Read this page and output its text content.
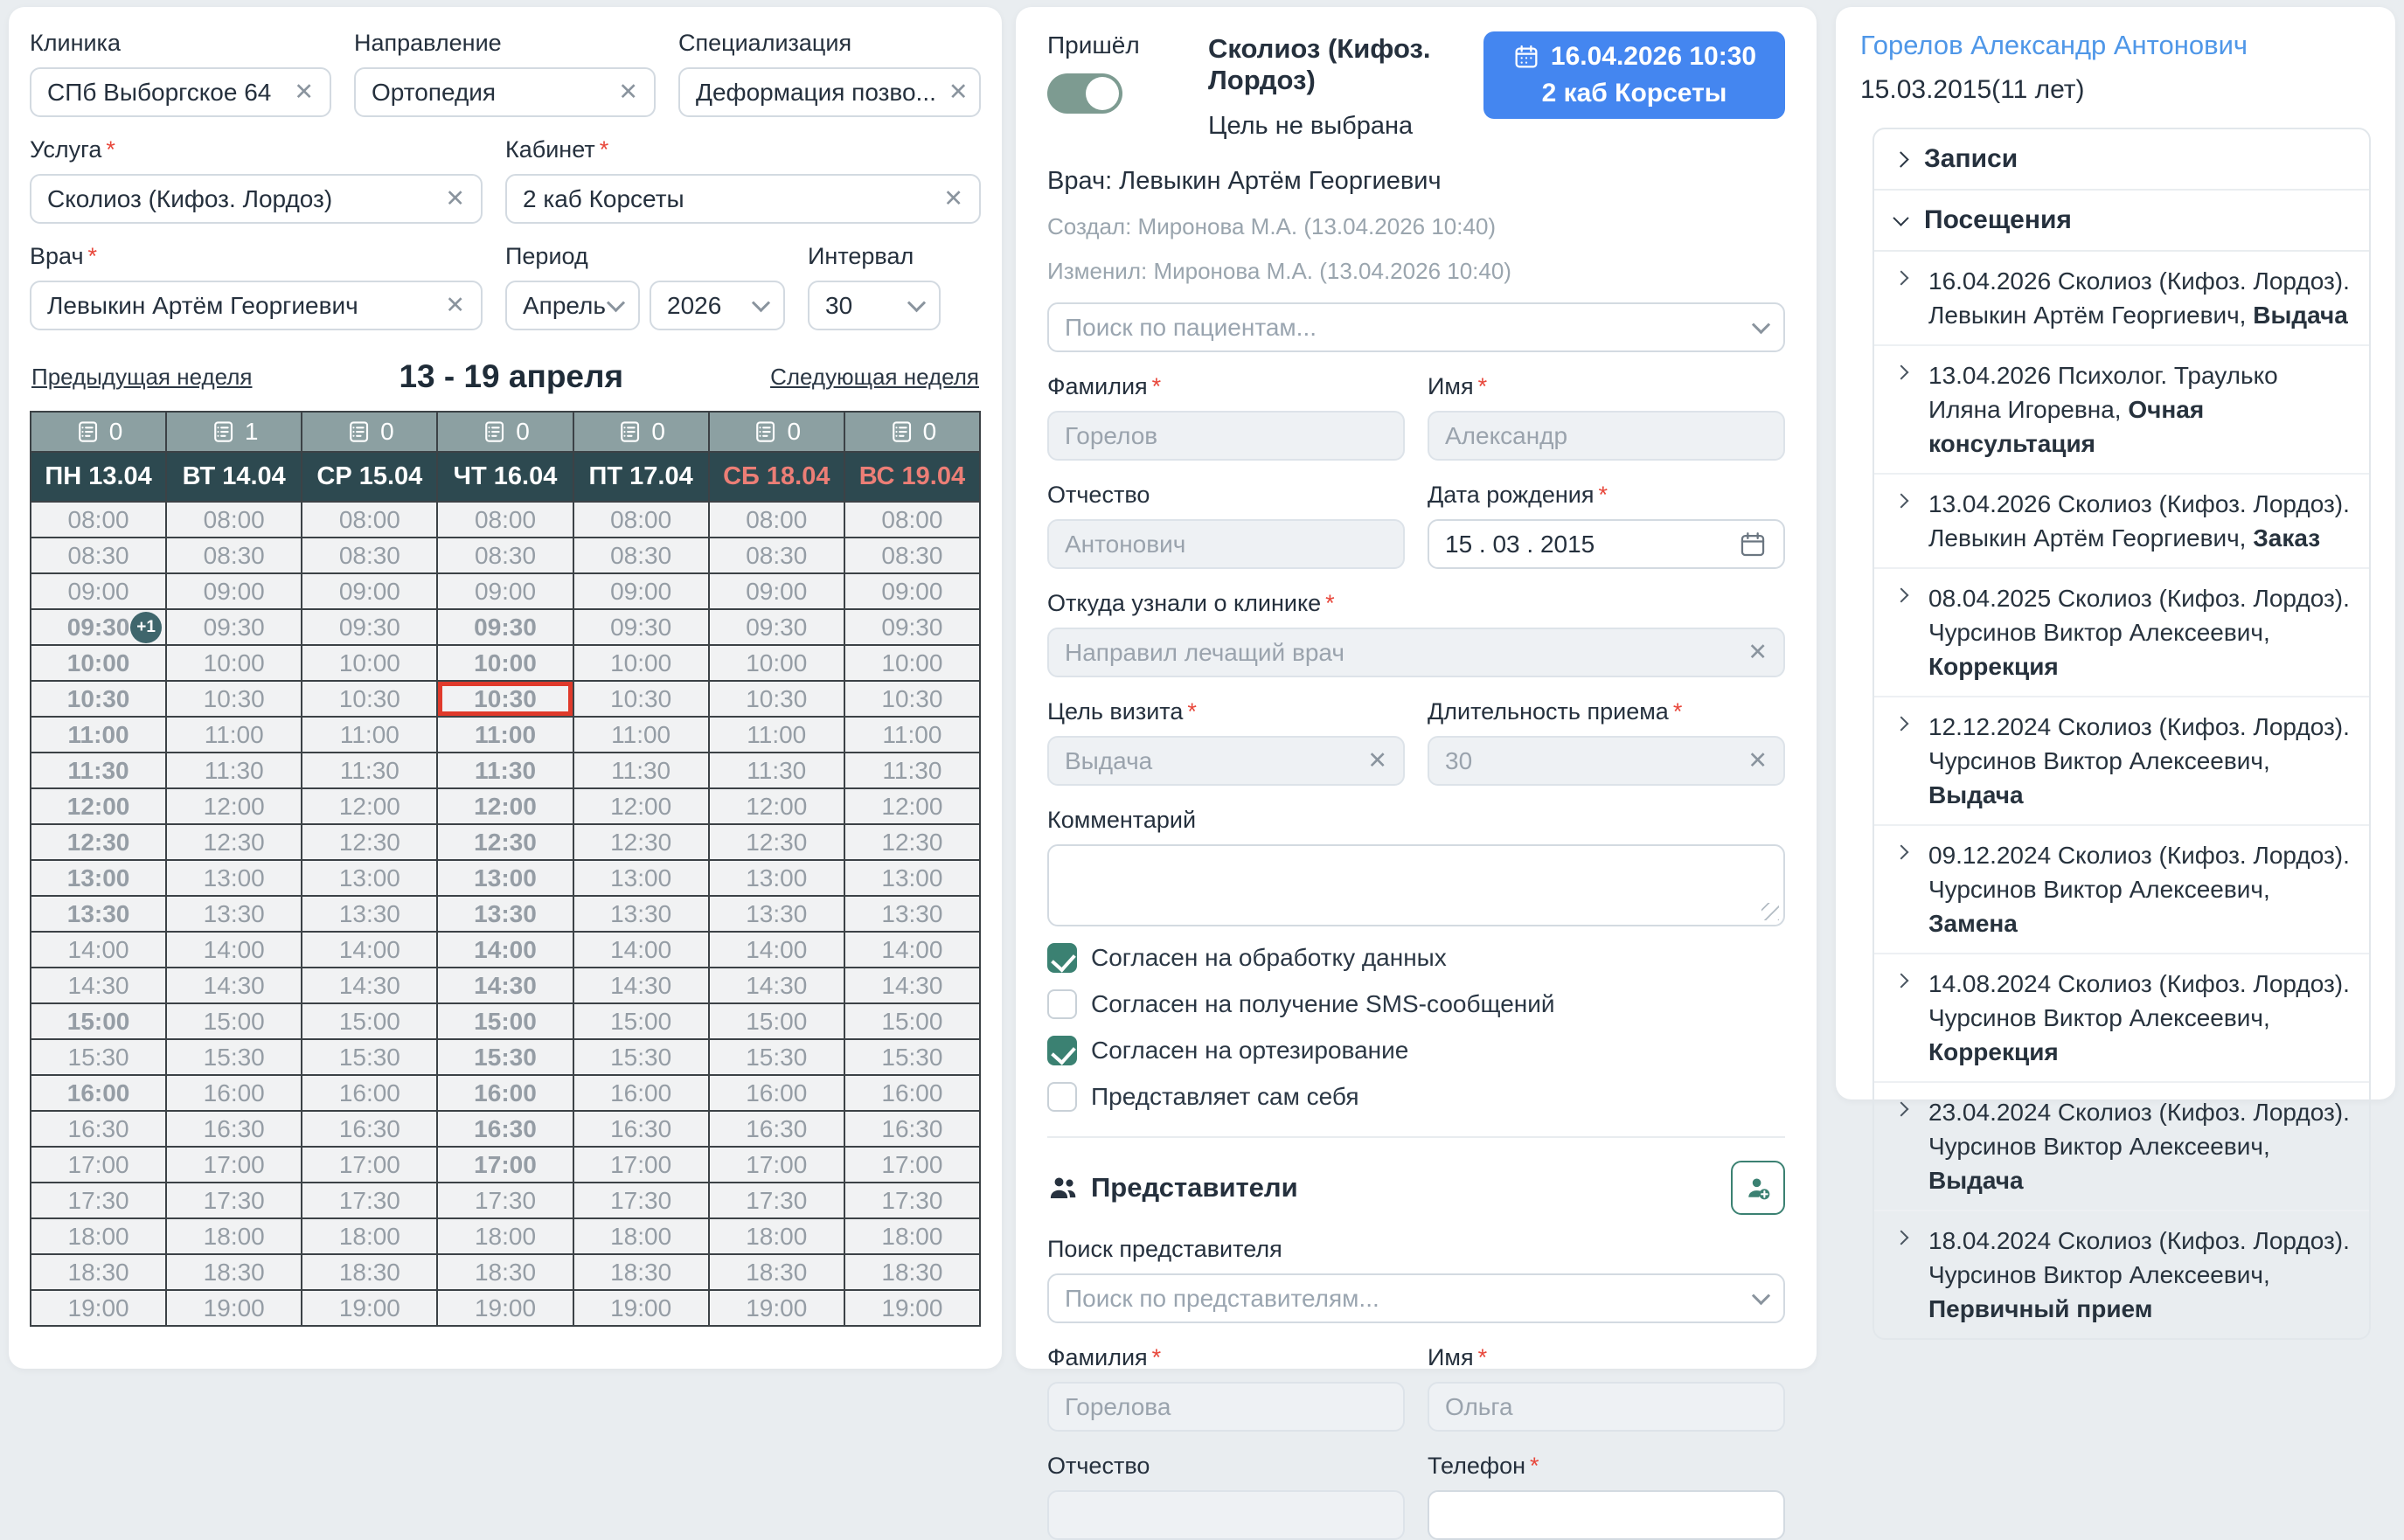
Клиника
СПб Выборгское 64 ✕
Направление
Ортопедия	✕
Специализация
Деформация позво... ✕
Услуга *
Сколиоз (Кифоз. Лордоз)	✕
Кабинет *
2 каб Корсеты	✕
Врач *
Левыкин Артём Георгиевич	✕
Период
Апрель	2026
Интервал
30
Предыдущая неделя	13 - 19 апреля	Следующая неделя
0	1	0	0	0	0	0

ПН 13.04	ВТ 14.04	СР 15.04	ЧТ 16.04	ПТ 17.04	СБ 18.04	ВС 19.04
08:00	08:00	08:00	08:00	08:00	08:00	08:00
08:30	08:30	08:30	08:30	08:30	08:30	08:30
09:00	09:00	09:00	09:00	09:00	09:00	09:00
09:30 +1	09:30	09:30	09:30	09:30	09:30	09:30
10:00	10:00	10:00	10:00	10:00	10:00	10:00
10:30	10:30	10:30	10:30	10:30	10:30	10:30
11:00	11:00	11:00	11:00	11:00	11:00	11:00
11:30	11:30	11:30	11:30	11:30	11:30	11:30
12:00	12:00	12:00	12:00	12:00	12:00	12:00
12:30	12:30	12:30	12:30	12:30	12:30	12:30
13:00	13:00	13:00	13:00	13:00	13:00	13:00
13:30	13:30	13:30	13:30	13:30	13:30	13:30
14:00	14:00	14:00	14:00	14:00	14:00	14:00
14:30	14:30	14:30	14:30	14:30	14:30	14:30
15:00	15:00	15:00	15:00	15:00	15:00	15:00
15:30	15:30	15:30	15:30	15:30	15:30	15:30
16:00	16:00	16:00	16:00	16:00	16:00	16:00
16:30	16:30	16:30	16:30	16:30	16:30	16:30
17:00	17:00	17:00	17:00	17:00	17:00	17:00
17:30	17:30	17:30	17:30	17:30	17:30	17:30
18:00	18:00	18:00	18:00	18:00	18:00	18:00
18:30	18:30	18:30	18:30	18:30	18:30	18:30
19:00	19:00	19:00	19:00	19:00	19:00	19:00
Пришёл	Сколиоз (Кифоз. Лордоз)
Цель не выбрана
16.04.2026 10:30
2 каб Корсеты
Врач: Левыкин Артём Георгиевич
Создал: Миронова М.А. (13.04.2026 10:40)
Изменил: Миронова М.А. (13.04.2026 10:40)
Поиск по пациентам...
Фамилия *
Горелов
Имя *
Александр
Отчество
Антонович
Дата рождения *
15 . 03 . 2015
Откуда узнали о клинике *
Направил лечащий врач	✕
Цель визита *
Выдача	✕
Длительность приема *
30	✕
Комментарий
Согласен на обработку данных
Согласен на получение SMS-сообщений
Согласен на ортезирование
Представляет сам себя
Представители
Поиск представителя
Поиск по представителям...
Фамилия *
Горелова
Имя *
Ольга
Отчество	Телефон *
Горелов Александр Антонович
15.03.2015(11 лет)
Записи
Посещения
16.04.2026 Сколиоз (Кифоз. Лордоз). Левыкин Артём Георгиевич, Выдача
13.04.2026 Психолог. Траулько Иляна Игоревна, Очная консультация
13.04.2026 Сколиоз (Кифоз. Лордоз). Левыкин Артём Георгиевич, Заказ
08.04.2025 Сколиоз (Кифоз. Лордоз). Чурсинов Виктор Алексеевич, Коррекция
12.12.2024 Сколиоз (Кифоз. Лордоз). Чурсинов Виктор Алексеевич, Выдача
09.12.2024 Сколиоз (Кифоз. Лордоз). Чурсинов Виктор Алексеевич, Замена
14.08.2024 Сколиоз (Кифоз. Лордоз). Чурсинов Виктор Алексеевич, Коррекция
23.04.2024 Сколиоз (Кифоз. Лордоз). Чурсинов Виктор Алексеевич, Выдача
18.04.2024 Сколиоз (Кифоз. Лордоз). Чурсинов Виктор Алексеевич, Первичный прием
